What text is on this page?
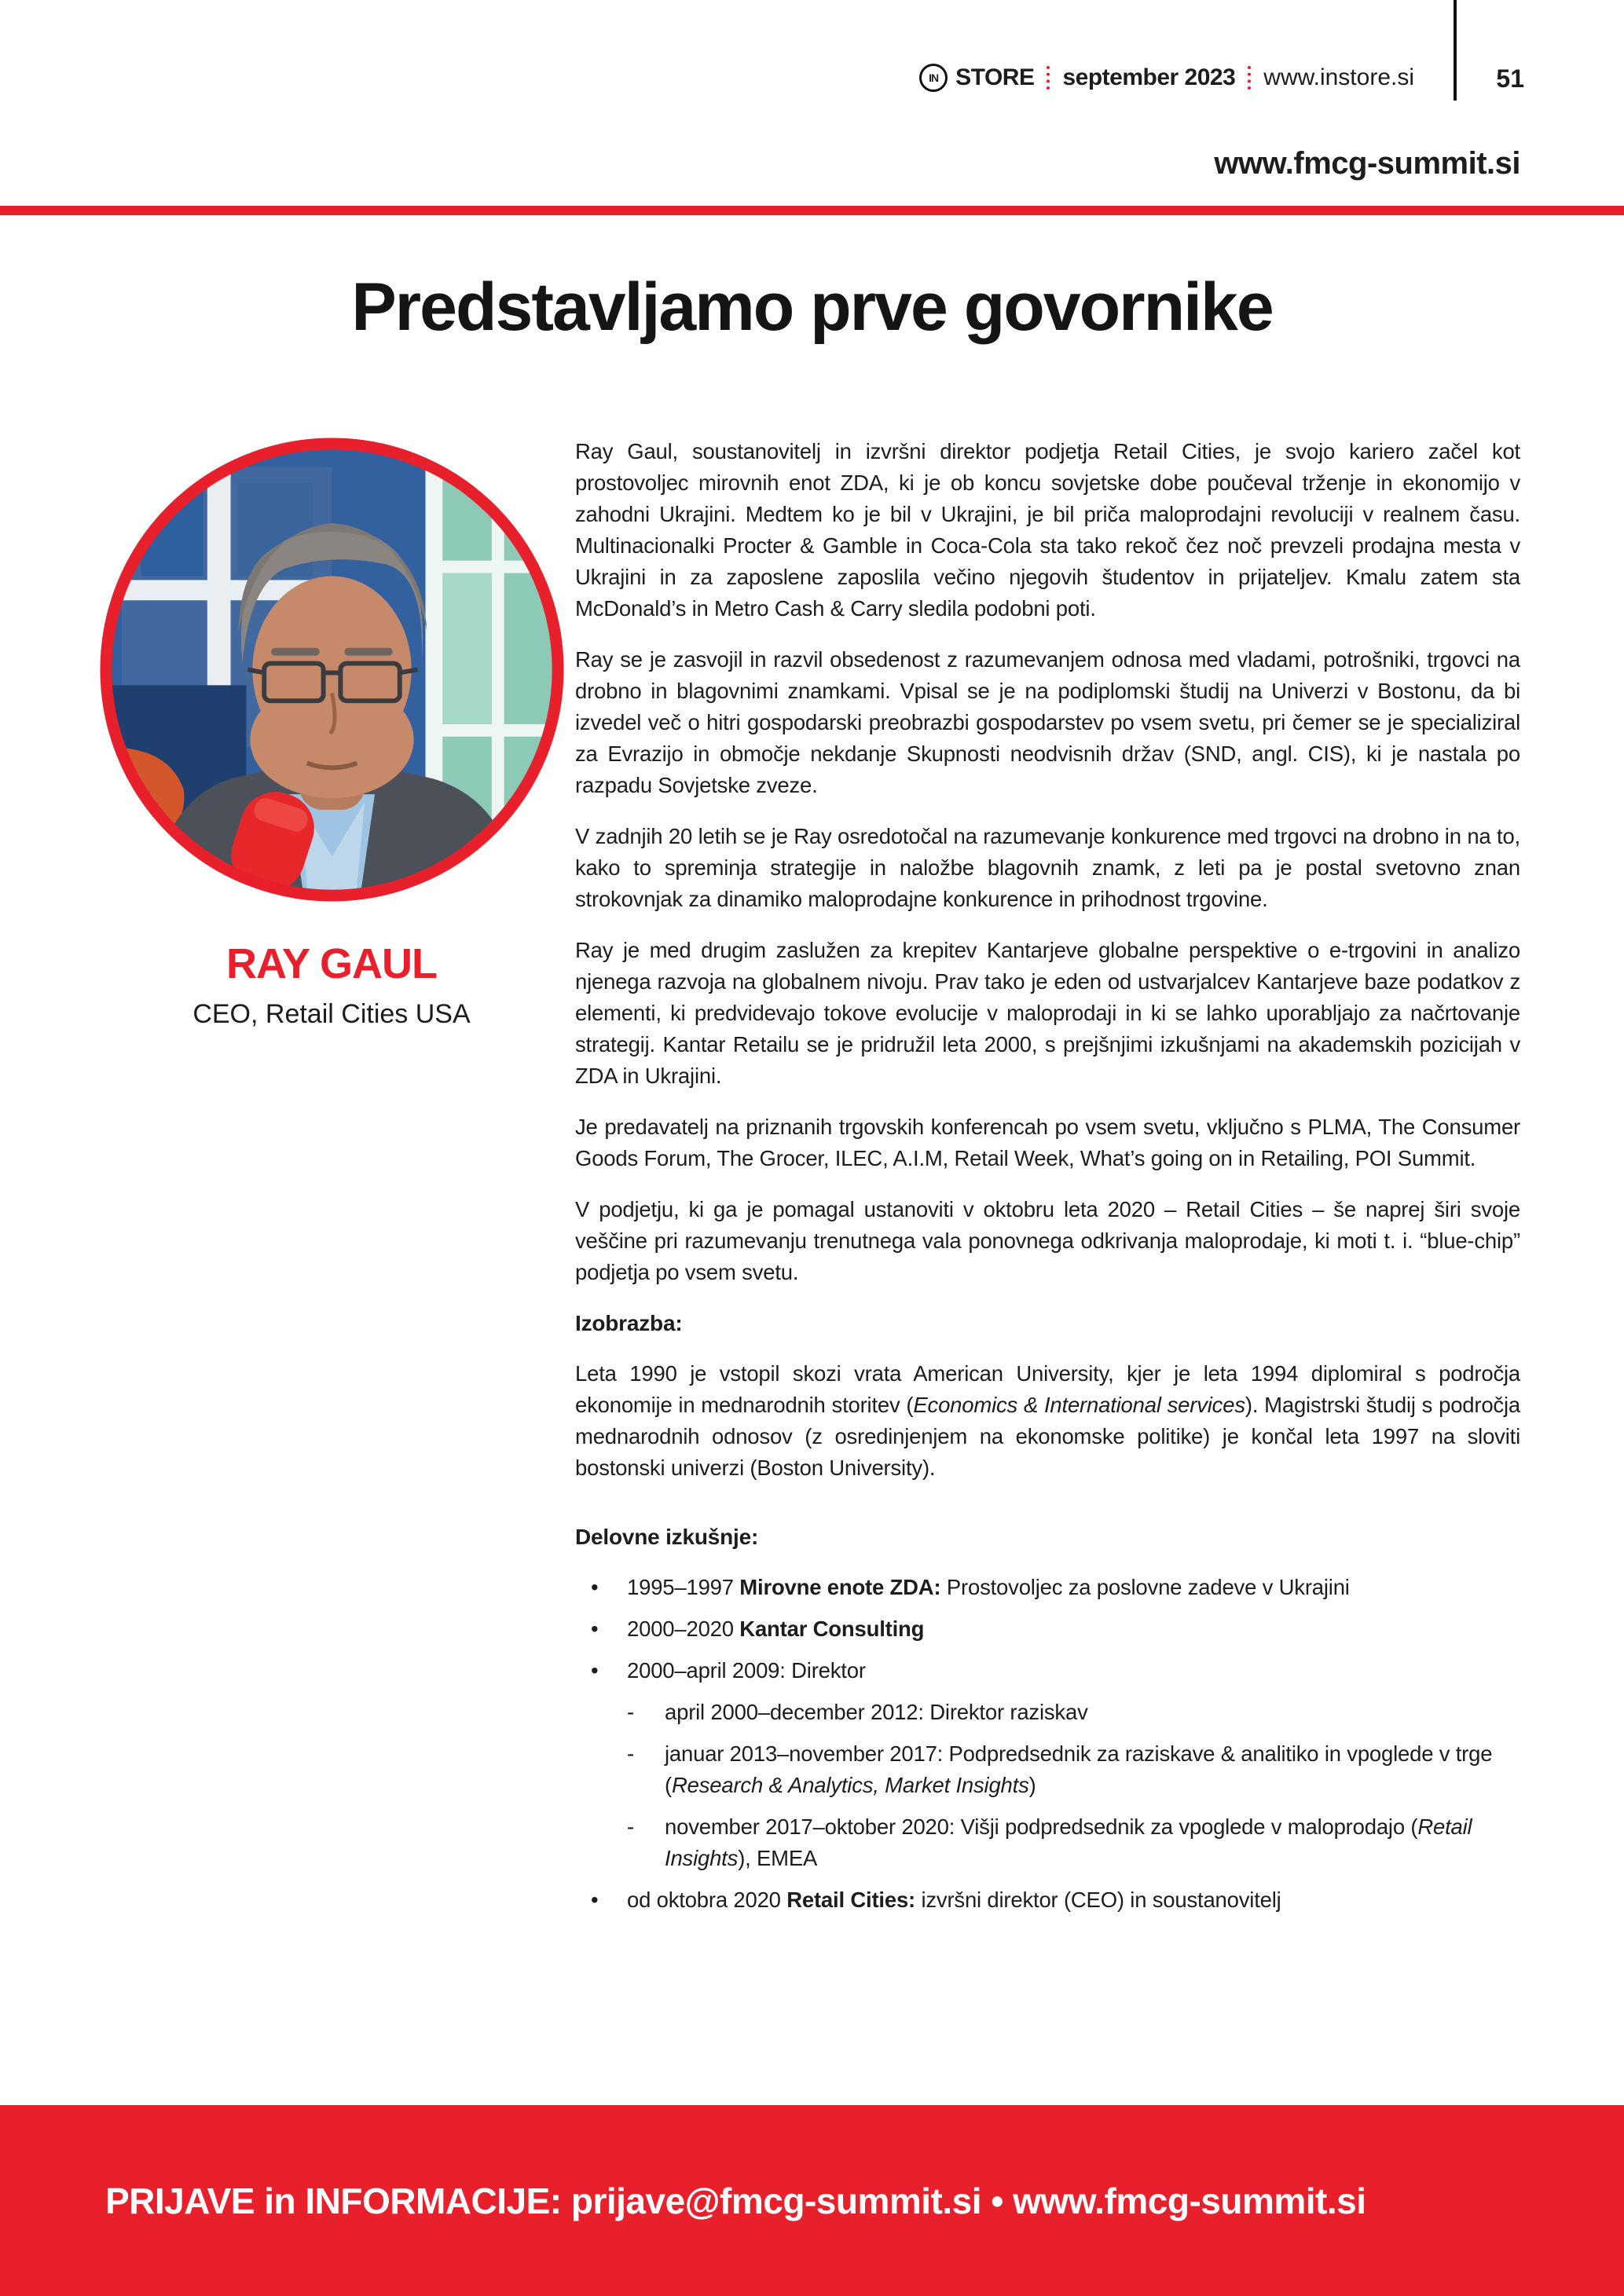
IN STORE september 2023 www.instore.si	51
www.fmcg-summit.si
Predstavljamo prve govornike
RAY GAUL
CEO, Retail Cities USA

Ray Gaul, soustanovitelj in izvršni direktor podjetja Retail Cities, je svojo kariero začel kot prostovoljec mirovnih enot ZDA, ki je ob koncu sovjetske dobe poučeval trženje in ekonomijo v zahodni Ukrajini. Medtem ko je bil v Ukrajini, je bil priča maloprodajni revoluciji v realnem času. Multinacionalki Procter & Gamble in Coca-Cola sta tako rekoč čez noč prevzeli prodajna mesta v Ukrajini in za zaposlene zaposlila večino njegovih študentov in prijateljev. Kmalu zatem sta McDonald’s in Metro Cash & Carry sledila podobni poti.

Ray se je zasvojil in razvil obsedenost z razumevanjem odnosa med vladami, potrošniki, trgovci na drobno in blagovnimi znamkami. Vpisal se je na podiplomski študij na Univerzi v Bostonu, da bi izvedel več o hitri gospodarski preobrazbi gospodarstev po vsem svetu, pri čemer se je specializiral za Evrazijo in območje nekdanje Skupnosti neodvisnih držav (SND, angl. CIS), ki je nastala po razpadu Sovjetske zveze.

V zadnjih 20 letih se je Ray osredotočal na razumevanje konkurence med trgovci na drobno in na to, kako to spreminja strategije in naložbe blagovnih znamk, z leti pa je postal svetovno znan strokovnjak za dinamiko maloprodajne konkurence in prihodnost trgovine.

Ray je med drugim zaslužen za krepitev Kantarjeve globalne perspektive o e-trgovini in analizo njenega razvoja na globalnem nivoju. Prav tako je eden od ustvarjalcev Kantarjeve baze podatkov z elementi, ki predvidevajo tokove evolucije v maloprodaji in ki se lahko uporabljajo za načrtovanje strategij. Kantar Retailu se je pridružil leta 2000, s prejšnjimi izkušnjami na akademskih pozicijah v ZDA in Ukrajini.

Je predavatelj na priznanih trgovskih konferencah po vsem svetu, vključno s PLMA, The Consumer Goods Forum, The Grocer, ILEC, A.I.M, Retail Week, What’s going on in Retailing, POI Summit.

V podjetju, ki ga je pomagal ustanoviti v oktobru leta 2020 – Retail Cities – še naprej širi svoje veščine pri razumevanju trenutnega vala ponovnega odkrivanja maloprodaje, ki moti t. i. “blue-chip” podjetja po vsem svetu.

Izobrazba:

Leta 1990 je vstopil skozi vrata American University, kjer je leta 1994 diplomiral s področja ekonomije in mednarodnih storitev (Economics & International services). Magistrski študij s področja mednarodnih odnosov (z osredinjenjem na ekonomske politike) je končal leta 1997 na sloviti bostonski univerzi (Boston University).

Delovne izkušnje:
• 1995–1997 Mirovne enote ZDA: Prostovoljec za poslovne zadeve v Ukrajini
• 2000–2020 Kantar Consulting
• 2000–april 2009: Direktor
- april 2000–december 2012: Direktor raziskav
- januar 2013–november 2017: Podpredsednik za raziskave & analitiko in vpoglede v trge (Research & Analytics, Market Insights)
- november 2017–oktober 2020: Višji podpredsednik za vpoglede v maloprodajo (Retail Insights), EMEA
• od oktobra 2020 Retail Cities: izvršni direktor (CEO) in soustanovitelj
PRIJAVE in INFORMACIJE: prijave@fmcg-summit.si • www.fmcg-summit.si
